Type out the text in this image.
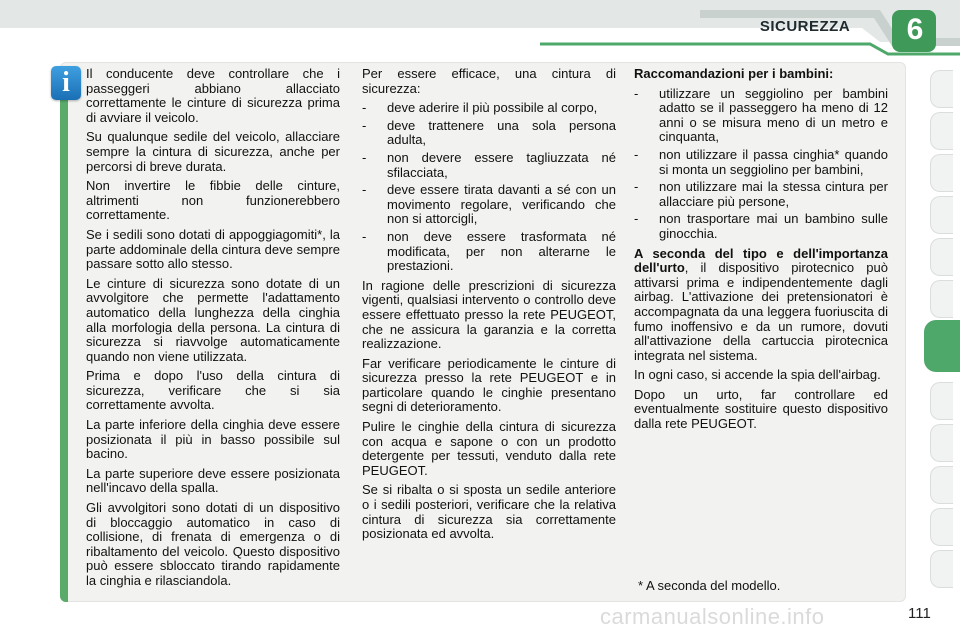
SICUREZZA	6
i	Il conducente deve controllare che i passeggeri abbiano allacciato correttamente le cinture di sicurezza prima di avviare il veicolo.

Su qualunque sedile del veicolo, allacciare sempre la cintura di sicurezza, anche per percorsi di breve durata.

Non invertire le fibbie delle cinture, altrimenti non funzionerebbero correttamente.

Se i sedili sono dotati di appoggiagomiti*, la parte addominale della cintura deve sempre passare sotto allo stesso.

Le cinture di sicurezza sono dotate di un avvolgitore che permette l'adattamento automatico della lunghezza della cinghia alla morfologia della persona. La cintura di sicurezza si riavvolge automaticamente quando non viene utilizzata.

Prima e dopo l'uso della cintura di sicurezza, verificare che si sia correttamente avvolta.

La parte inferiore della cinghia deve essere posizionata il più in basso possibile sul bacino.

La parte superiore deve essere posizionata nell'incavo della spalla.

Gli avvolgitori sono dotati di un dispositivo di bloccaggio automatico in caso di collisione, di frenata di emergenza o di ribaltamento del veicolo. Questo dispositivo può essere sbloccato tirando rapidamente la cinghia e rilasciandola.

Per essere efficace, una cintura di sicurezza:

- deve aderire il più possibile al corpo,
- deve trattenere una sola persona adulta,
- non devere essere tagliuzzata né sfilacciata,
- deve essere tirata davanti a sé con un movimento regolare, verificando che non si attorcigli,
- non deve essere trasformata né modificata, per non alterarne le prestazioni.

In ragione delle prescrizioni di sicurezza vigenti, qualsiasi intervento o controllo deve essere effettuato presso la rete PEUGEOT, che ne assicura la garanzia e la corretta realizzazione.

Far verificare periodicamente le cinture di sicurezza presso la rete PEUGEOT e in particolare quando le cinghie presentano segni di deterioramento.

Pulire le cinghie della cintura di sicurezza con acqua e sapone o con un prodotto detergente per tessuti, venduto dalla rete PEUGEOT.

Se si ribalta o si sposta un sedile anteriore o i sedili posteriori, verificare che la relativa cintura di sicurezza sia correttamente posizionata ed avvolta.

Raccomandazioni per i bambini:

- utilizzare un seggiolino per bambini adatto se il passeggero ha meno di 12 anni o se misura meno di un metro e cinquanta,
- non utilizzare il passa cinghia* quando si monta un seggiolino per bambini,
- non utilizzare mai la stessa cintura per allacciare più persone,
- non trasportare mai un bambino sulle ginocchia.

A seconda del tipo e dell'importanza dell'urto, il dispositivo pirotecnico può attivarsi prima e indipendentemente dagli airbag. L'attivazione dei pretensionatori è accompagnata da una leggera fuoriuscita di fumo inoffensivo e da un rumore, dovuti all'attivazione della cartuccia pirotecnica integrata nel sistema.

In ogni caso, si accende la spia dell'airbag.

Dopo un urto, far controllare ed eventualmente sostituire questo dispositivo dalla rete PEUGEOT.

* A seconda del modello.
carmanualsonline.info	111
